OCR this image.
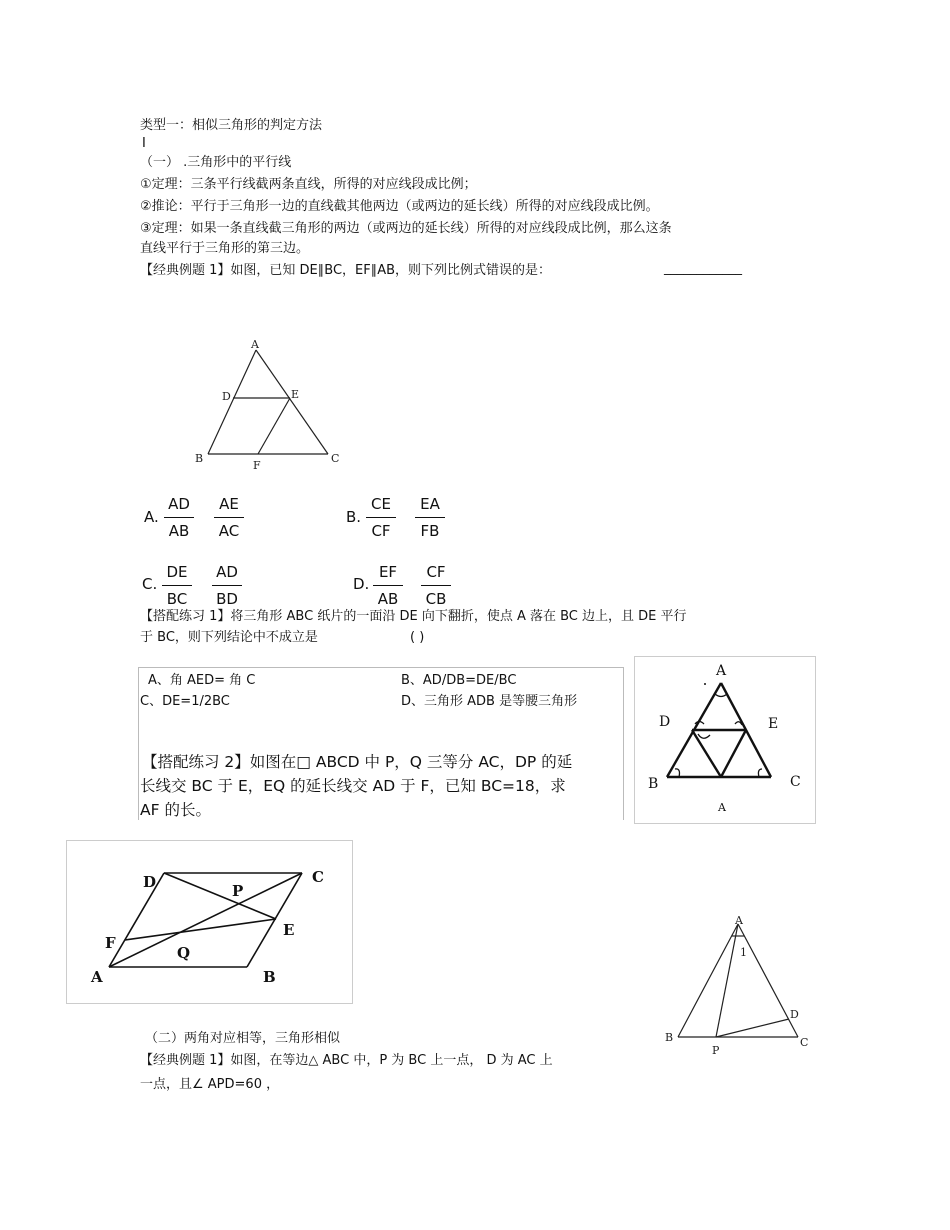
类型一：相似三角形的判定方法
Ⅰ
（一） .三角形中的平行线
①定理：三条平行线截两条直线，所得的对应线段成比例；
②推论：平行于三角形一边的直线截其他两边（或两边的延长线）所得的对应线段成比例。
③定理：如果一条直线截三角形的两边（或两边的延长线）所得的对应线段成比例，那么这条
直线平行于三角形的第三边。
【经典例题 1】如图，已知 DE∥BC，EF∥AB，则下列比例式错误的是：	____________
A
D	E
B
F
C
A.
AD
AB
AE
AC
B.
CE
CF
EA
FB
C.
DE
BC
AD
BD
D.
EF
AB
CF
CB
【搭配练习 1】将三角形 ABC 纸片的一面沿 DE 向下翻折，使点 A 落在 BC 边上，且 DE 平行
于 BC，则下列结论中不成立是	( )
A、角 AED= 角 C	B、AD/DB=DE/BC
C、DE=1/2BC	D、三角形 ADB 是等腰三角形
【搭配练习 2】如图在□ ABCD 中 P，Q 三等分 AC，DP 的延
长线交 BC 于 E，EQ 的延长线交 AD 于 F，已知 BC=18，求
AF 的长。
A
D	E
B	C
A
D	C
P
E
F
Q
A	B
A
1
D
B
P
C
（二）两角对应相等，三角形相似
【经典例题 1】如图，在等边△ ABC 中，P 为 BC 上一点， D 为 AC 上
一点，且∠ APD=60 ，
